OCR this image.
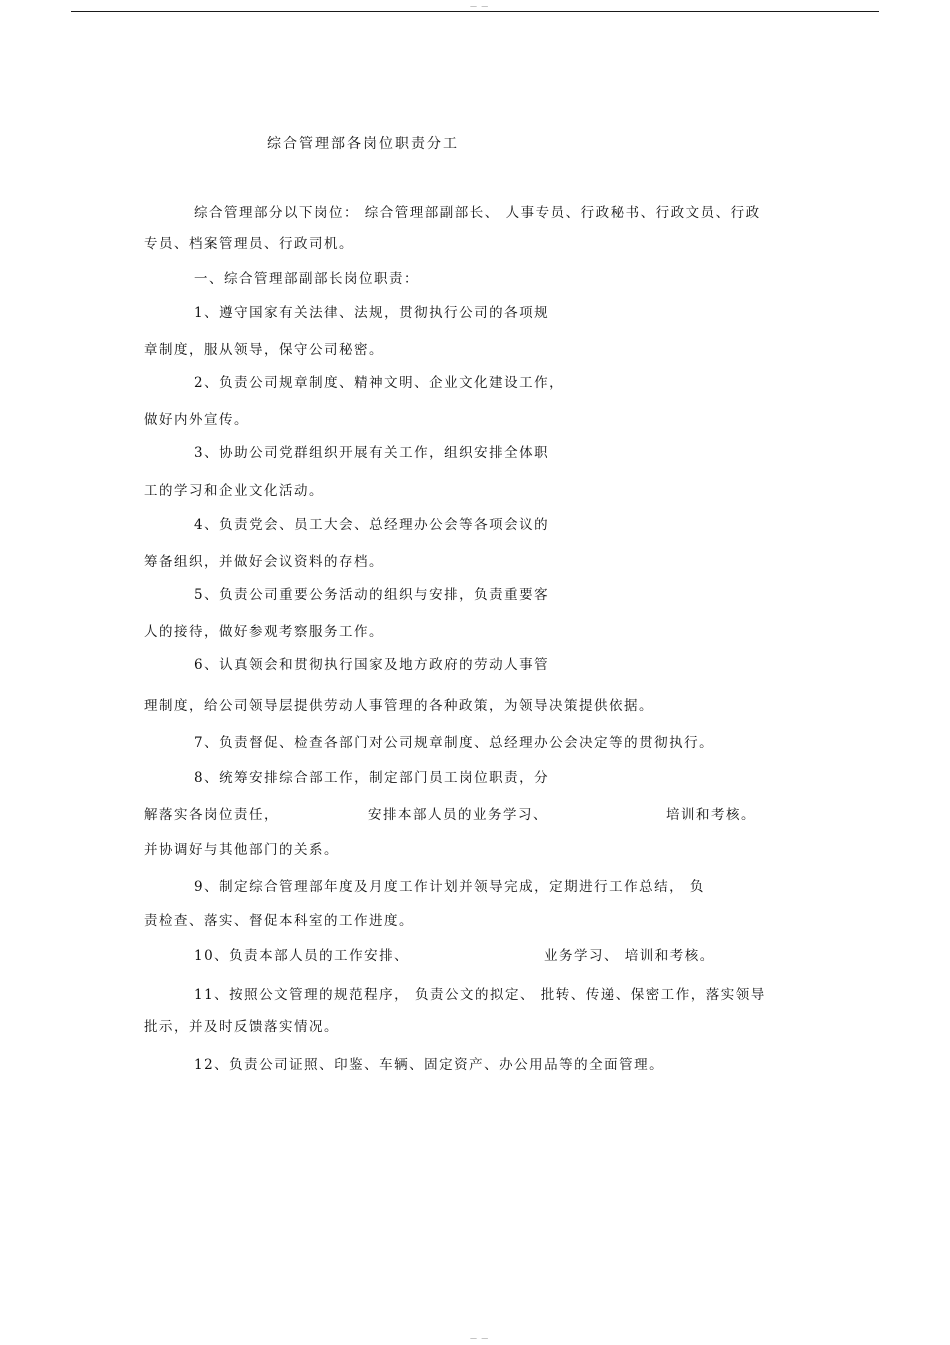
— —
综合管理部各岗位职责分工
综合管理部分以下岗位： 综合管理部副部长、 人事专员、行政秘书、行政文员、行政
专员、档案管理员、行政司机。
一、综合管理部副部长岗位职责：
1、遵守国家有关法律、法规，贯彻执行公司的各项规
章制度，服从领导，保守公司秘密。
2、负责公司规章制度、精神文明、企业文化建设工作，
做好内外宣传。
3、协助公司党群组织开展有关工作，组织安排全体职
工的学习和企业文化活动。
4、负责党会、员工大会、总经理办公会等各项会议的
筹备组织，并做好会议资料的存档。
5、负责公司重要公务活动的组织与安排，负责重要客
人的接待，做好参观考察服务工作。
6、认真领会和贯彻执行国家及地方政府的劳动人事管
理制度，给公司领导层提供劳动人事管理的各种政策，为领导决策提供依据。
7、负责督促、检查各部门对公司规章制度、总经理办公会决定等的贯彻执行。
8、统筹安排综合部工作，制定部门员工岗位职责，分
解落实各岗位责任，	安排本部人员的业务学习、	培训和考核。
并协调好与其他部门的关系。
9、制定综合管理部年度及月度工作计划并领导完成，定期进行工作总结， 负
责检查、落实、督促本科室的工作进度。
10、负责本部人员的工作安排、	业务学习、 培训和考核。
11、按照公文管理的规范程序， 负责公文的拟定、 批转、传递、保密工作，落实领导
批示，并及时反馈落实情况。
12、负责公司证照、印鉴、车辆、固定资产、办公用品等的全面管理。
— —
